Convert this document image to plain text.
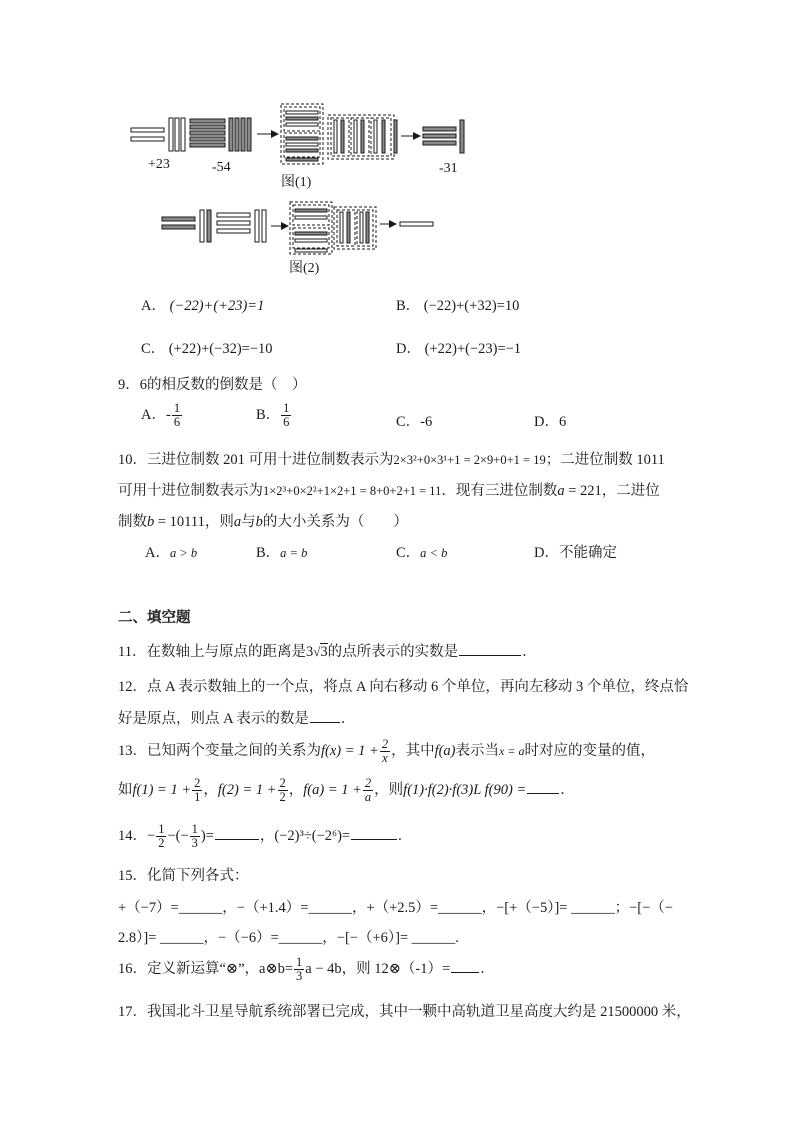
+23	-54	-31
图(1)
图(2)
A． (−22)+(+23)=1	B． (−22)+(+32)=10
C． (+22)+(−32)=−10	D． (+22)+(−23)=−1
9．6的相反数的倒数是（　）
A．- $\frac{1}{6}$	B． $\frac{1}{6}$	C．-6	D．6
10．三进位制数 201 可用十进位制数表示为2×3²+0×3¹+1 = 2×9+0+1 = 19；二进位制数 1011
可用十进位制数表示为1×2³+0×2²+1×2+1 = 8+0+2+1 = 11．现有三进位制数a = 221，二进位
制数b = 10111，则a与b的大小关系为（　　）
A．a > b	B．a = b	C．a < b	D．不能确定
二、填空题
11．在数轴上与原点的距离是3√3的点所表示的实数是	．
12．点 A 表示数轴上的一个点，将点 A 向右移动 6 个单位，再向左移动 3 个单位，终点恰
好是原点，则点 A 表示的数是 ．
13．已知两个变量之间的关系为$f(x) = 1 + \frac{2}{x}$ ，其中f(a)表示当x = a时对应的变量的值，
如$f(1) = 1 + \frac{2}{1}$ ，$f(2) = 1 + \frac{2}{2}$ ，$f(a) = 1 + \frac{2}{a}$ ，则f(1)·f(2)·f(3)L f(90) = ．
14．− $\frac{1}{2}$ −(− $\frac{1}{3}$ )=	，(−2)³÷(−2⁶)=	.
15．化简下列各式：
+（−7）=______，−（+1.4）=______，+（+2.5）=______，−[+（−5）]= ______；−[−（−
2.8）]= ______，−（−6）=______，−[−（+6）]= ______.
16．定义新运算“⊗”，a⊗b= $\frac{1}{3}$ a − 4b，则 12⊗（-1）= ．
17．我国北斗卫星导航系统部署已完成，其中一颗中高轨道卫星高度大约是 21500000 米，
